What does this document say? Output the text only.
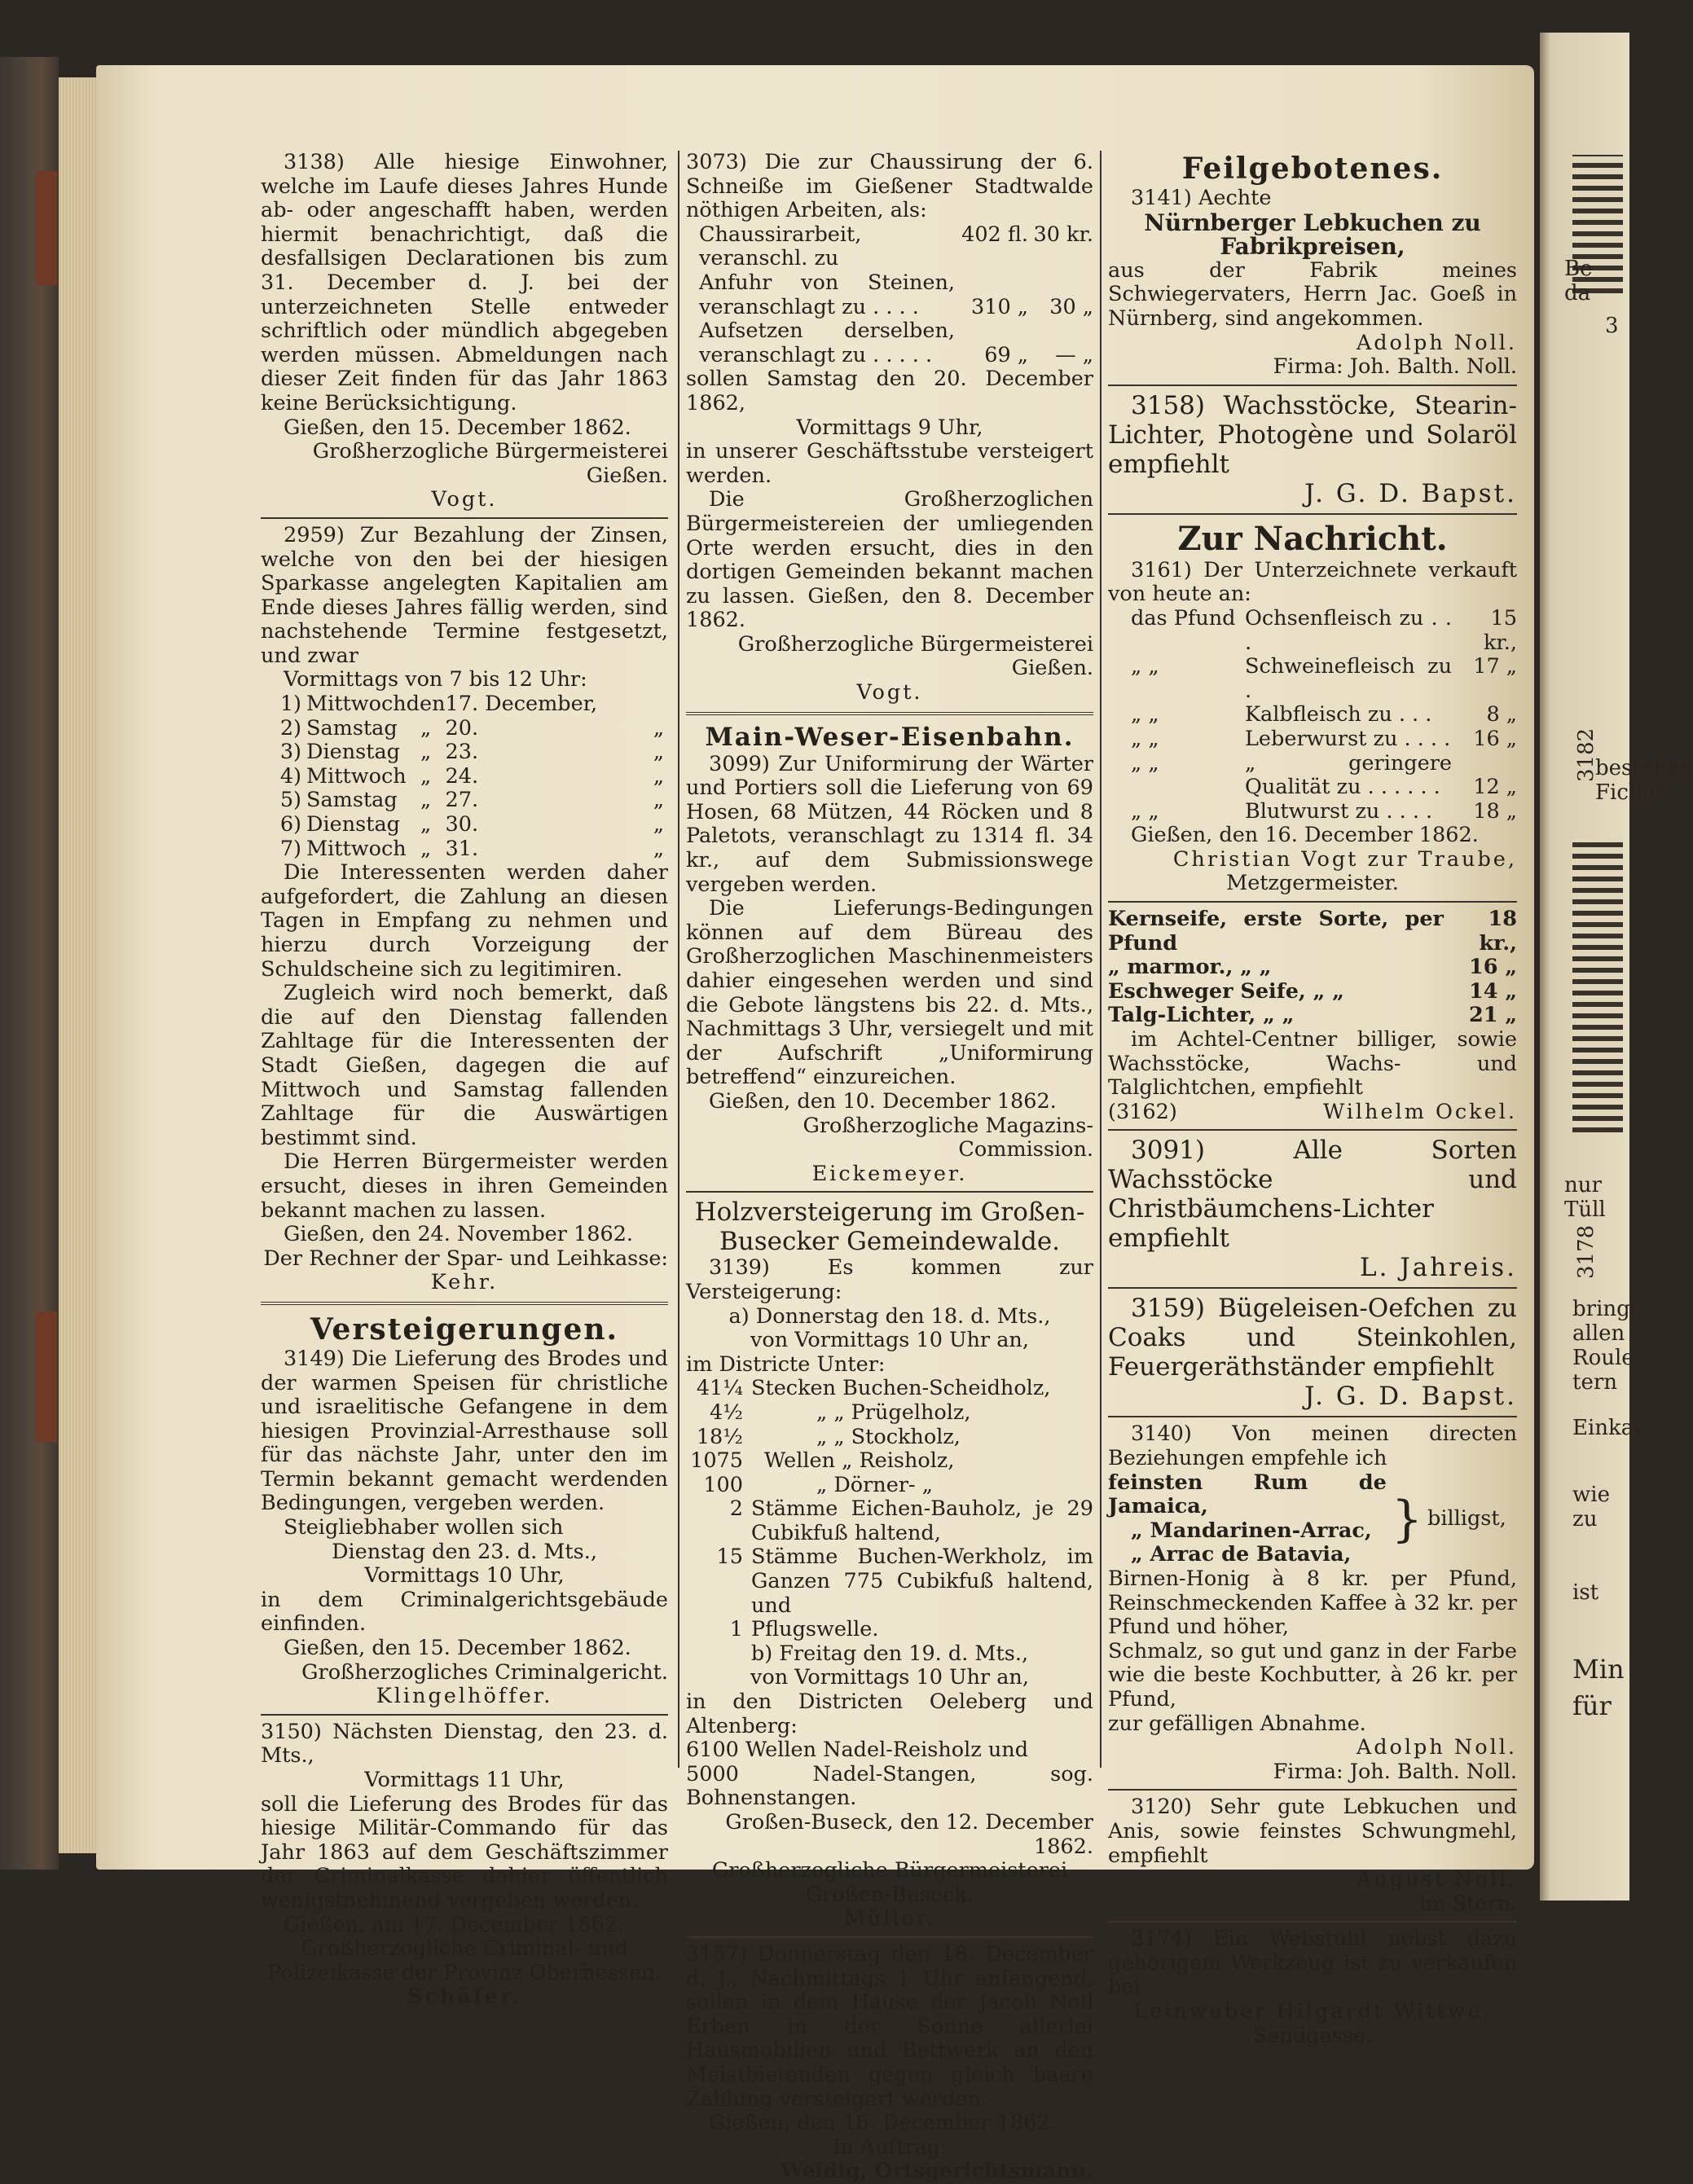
Be
da
3
3182
bestehen
Fichus
nur
Tüll
3178
bringt
allen
Roule
tern
Einkar
wie
zu
ist
Min
für

3138) Alle hiesige Einwohner, welche im Laufe dieses Jahres Hunde ab- oder angeschafft haben, werden hiermit benachrichtigt, daß die desfallsigen Declarationen bis zum 31. December d. J. bei der unterzeichneten Stelle entweder schriftlich oder mündlich abgegeben werden müssen. Abmeldungen nach dieser Zeit finden für das Jahr 1863 keine Berücksichtigung.

Gießen, den 15. December 1862.

Großherzogliche Bürgermeisterei Gießen.

Vogt.

2959) Zur Bezahlung der Zinsen, welche von den bei der hiesigen Sparkasse angelegten Kapitalien am Ende dieses Jahres fällig werden, sind nachstehende Termine festgesetzt, und zwar

Vormittags von 7 bis 12 Uhr:

1)	Mittwoch	den	17. December,	
2)	Samstag	„	20.	„
3)	Dienstag	„	23.	„
4)	Mittwoch	„	24.	„
5)	Samstag	„	27.	„
6)	Dienstag	„	30.	„
7)	Mittwoch	„	31.	„

Die Interessenten werden daher aufgefordert, die Zahlung an diesen Tagen in Empfang zu nehmen und hierzu durch Vorzeigung der Schuldscheine sich zu legitimiren.

Zugleich wird noch bemerkt, daß die auf den Dienstag fallenden Zahltage für die Interessenten der Stadt Gießen, dagegen die auf Mittwoch und Samstag fallenden Zahltage für die Auswärtigen bestimmt sind.

Die Herren Bürgermeister werden ersucht, dieses in ihren Gemeinden bekannt machen zu lassen.

Gießen, den 24. November 1862.

Der Rechner der Spar- und Leihkasse:

Kehr.

Versteigerungen.

3149) Die Lieferung des Brodes und der warmen Speisen für christliche und israelitische Gefangene in dem hiesigen Provinzial-Arresthause soll für das nächste Jahr, unter den im Termin bekannt gemacht werdenden Bedingungen, vergeben werden.

Steigliebhaber wollen sich

Dienstag den 23. d. Mts.,

Vormittags 10 Uhr,

in dem Criminalgerichtsgebäude einfinden.

Gießen, den 15. December 1862.

Großherzogliches Criminalgericht.

Klingelhöffer.

3150) Nächsten Dienstag, den 23. d. Mts.,

Vormittags 11 Uhr,

soll die Lieferung des Brodes für das hiesige Militär-Commando für das Jahr 1863 auf dem Geschäftszimmer der Criminalkasse dahier öffentlich wenigstnehmend vergeben werden.

Gießen, am 17. December 1862.

Großherzogliche Criminal- und Polizeikasse der Provinz Oberhessen.

Schäfer.

3073) Die zur Chaussirung der 6. Schneiße im Gießener Stadtwalde nöthigen Arbeiten, als:

Chaussirarbeit, veranschl. zu	402 fl.	30 kr.
Anfuhr von Steinen, veranschlagt zu . . . .	310 „	30 „
Aufsetzen derselben, veranschlagt zu . . . . .	69 „	— „

sollen Samstag den 20. December 1862,

Vormittags 9 Uhr,

in unserer Geschäftsstube versteigert werden.

Die Großherzoglichen Bürgermeistereien der umliegenden Orte werden ersucht, dies in den dortigen Gemeinden bekannt machen zu lassen. Gießen, den 8. December 1862.

Großherzogliche Bürgermeisterei Gießen.

Vogt.

Main-Weser-Eisenbahn.

3099) Zur Uniformirung der Wärter und Portiers soll die Lieferung von 69 Hosen, 68 Mützen, 44 Röcken und 8 Paletots, veranschlagt zu 1314 fl. 34 kr., auf dem Submissionswege vergeben werden.

Die Lieferungs-Bedingungen können auf dem Büreau des Großherzoglichen Maschinenmeisters dahier eingesehen werden und sind die Gebote längstens bis 22. d. Mts., Nachmittags 3 Uhr, versiegelt und mit der Aufschrift „Uniformirung betreffend“ einzureichen.

Gießen, den 10. December 1862.

Großherzogliche Magazins-Commission.

Eickemeyer.

Holzversteigerung im Großen-Busecker Gemeindewalde.

3139) Es kommen zur Versteigerung:

a) Donnerstag den 18. d. Mts.,

von Vormittags 10 Uhr an,

im Districte Unter:

41¼	Stecken Buchen-Scheidholz,
4½	„ „ Prügelholz,
18½	„ „ Stockholz,
1075	Wellen „ Reisholz,
100	„ Dörner- „
2	Stämme Eichen-Bauholz, je 29 Cubikfuß haltend,
15	Stämme Buchen-Werkholz, im Ganzen 775 Cubikfuß haltend, und
1	Pflugswelle.

b) Freitag den 19. d. Mts.,

von Vormittags 10 Uhr an,

in den Districten Oeleberg und Altenberg:

6100 Wellen Nadel-Reisholz und

5000 Nadel-Stangen, sog. Bohnenstangen.

Großen-Buseck, den 12. December 1862.

Großherzogliche Bürgermeisterei Großen-Buseck.

Müller.

3157) Donnerstag den 18. December d. J., Nachmittags 1 Uhr anfangend, sollen in dem Hause der Jacob Noll Erben in der Sonne allerlei Hausmobilien und Bettwerk an den Meistbietenden gegen gleich baare Zahlung versteigert werden.

Gießen, den 16. December 1862.

In Auftrag:

Weidig, Ortsgerichtsmann.

Feilgebotenes.

3141) Aechte

Nürnberger Lebkuchen zu Fabrikpreisen,

aus der Fabrik meines Schwiegervaters, Herrn Jac. Goeß in Nürnberg, sind angekommen.

Adolph Noll.

Firma: Joh. Balth. Noll.

3158) Wachsstöcke, Stearin-Lichter, Photogène und Solaröl empfiehlt

J. G. D. Bapst.

Zur Nachricht.

3161) Der Unterzeichnete verkauft von heute an:

das Pfund	Ochsenfleisch zu . . .	15 kr.,
„ „	Schweinefleisch zu .	17 „
„ „	Kalbfleisch zu . . .	8 „
„ „	Leberwurst zu . . . .	16 „
„ „	„ geringere Qualität zu . . . . . .	12 „
„ „	Blutwurst zu . . . .	18 „

Gießen, den 16. December 1862.

Christian Vogt zur Traube,

Metzgermeister.

Kernseife, erste Sorte, per Pfund	18 kr.,
„ marmor., „ „	16 „
Eschweger Seife, „ „	14 „
Talg-Lichter, „ „	21 „

im Achtel-Centner billiger, sowie Wachsstöcke, Wachs- und Talglichtchen, empfiehlt

(3162)	Wilhelm Ockel.

3091) Alle Sorten Wachsstöcke und Christbäumchens-Lichter empfiehlt

L. Jahreis.

3159) Bügeleisen-Oefchen zu Coaks und Steinkohlen, Feuergeräthständer empfiehlt

J. G. D. Bapst.

3140) Von meinen directen Beziehungen empfehle ich

feinsten Rum de Jamaica,

„ Mandarinen-Arrac,

„ Arrac de Batavia,

} billigst,

Birnen-Honig à 8 kr. per Pfund, Reinschmeckenden Kaffee à 32 kr. per Pfund und höher,

Schmalz, so gut und ganz in der Farbe wie die beste Kochbutter, à 26 kr. per Pfund,

zur gefälligen Abnahme.

Adolph Noll.

Firma: Joh. Balth. Noll.

3120) Sehr gute Lebkuchen und Anis, sowie feinstes Schwungmehl, empfiehlt

August Noll,

im Stern.

3174) Ein Webstuhl nebst dazu gehörigem Werkzeug ist zu verkaufen bei

Leinweber Hilgardt Wittwe,

Sandgasse.
